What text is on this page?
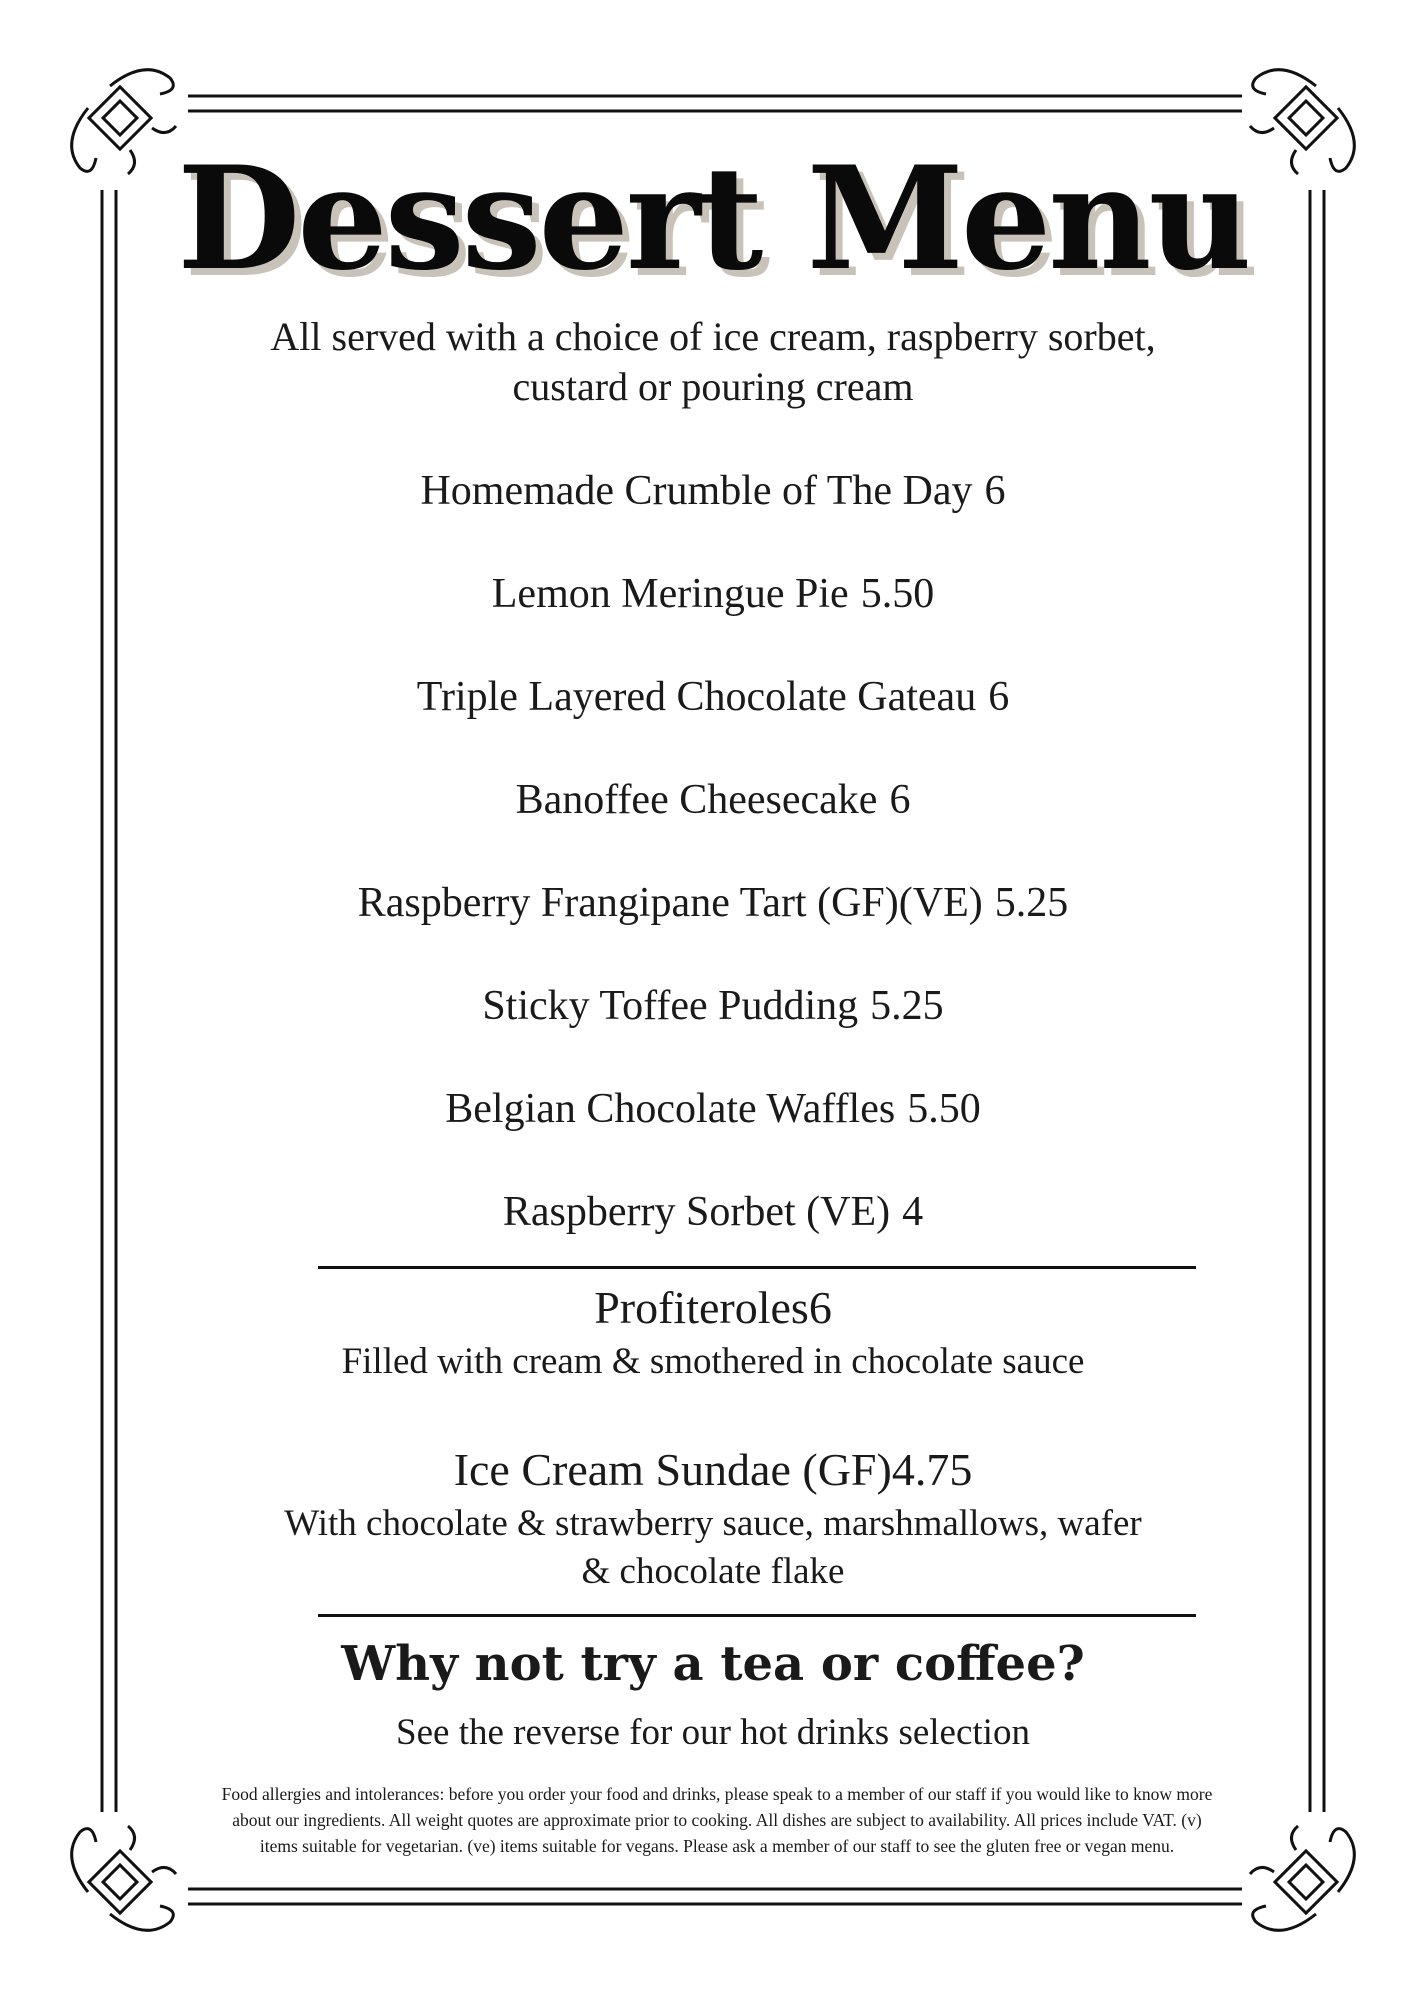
Dessert Menu
All served with a choice of ice cream, raspberry sorbet,
custard or pouring cream
Homemade Crumble of The Day 6
Lemon Meringue Pie 5.50
Triple Layered Chocolate Gateau 6
Banoffee Cheesecake 6
Raspberry Frangipane Tart (GF)(VE) 5.25
Sticky Toffee Pudding 5.25
Belgian Chocolate Waffles 5.50
Raspberry Sorbet (VE) 4
Profiteroles6
Filled with cream & smothered in chocolate sauce
Ice Cream Sundae (GF)4.75
With chocolate & strawberry sauce, marshmallows, wafer
& chocolate flake
Why not try a tea or coffee?
See the reverse for our hot drinks selection
Food allergies and intolerances: before you order your food and drinks, please speak to a member of our staff if you would like to know more
about our ingredients. All weight quotes are approximate prior to cooking. All dishes are subject to availability. All prices include VAT. (v)
items suitable for vegetarian. (ve) items suitable for vegans. Please ask a member of our staff to see the gluten free or vegan menu.
